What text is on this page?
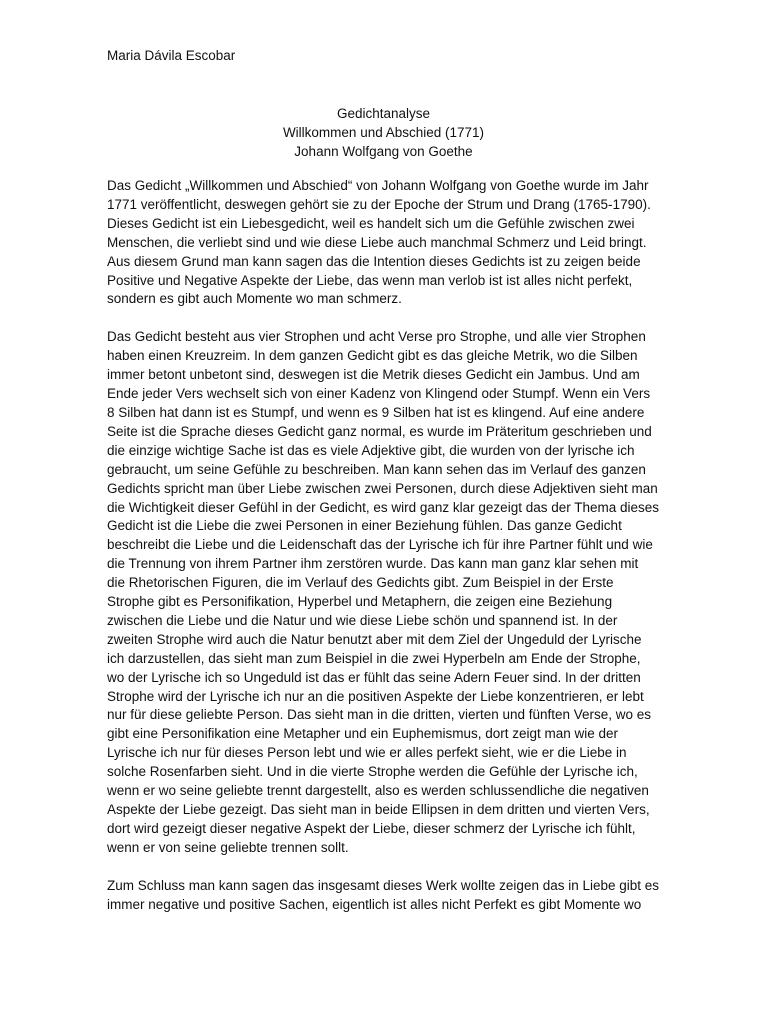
Maria Dávila Escobar

Gedichtanalyse
Willkommen und Abschied (1771)
Johann Wolfgang von Goethe

Das Gedicht „Willkommen und Abschied“ von Johann Wolfgang von Goethe wurde im Jahr 1771 veröffentlicht, deswegen gehört sie zu der Epoche der Strum und Drang (1765-1790). Dieses Gedicht ist ein Liebesgedicht, weil es handelt sich um die Gefühle zwischen zwei Menschen, die verliebt sind und wie diese Liebe auch manchmal Schmerz und Leid bringt. Aus diesem Grund man kann sagen das die Intention dieses Gedichts ist zu zeigen beide Positive und Negative Aspekte der Liebe, das wenn man verlob ist ist alles nicht perfekt, sondern es gibt auch Momente wo man schmerz.

Das Gedicht besteht aus vier Strophen und acht Verse pro Strophe, und alle vier Strophen haben einen Kreuzreim. In dem ganzen Gedicht gibt es das gleiche Metrik, wo die Silben immer betont unbetont sind, deswegen ist die Metrik dieses Gedicht ein Jambus. Und am Ende jeder Vers wechselt sich von einer Kadenz von Klingend oder Stumpf. Wenn ein Vers 8 Silben hat dann ist es Stumpf, und wenn es 9 Silben hat ist es klingend. Auf eine andere Seite ist die Sprache dieses Gedicht ganz normal, es wurde im Präteritum geschrieben und die einzige wichtige Sache ist das es viele Adjektive gibt, die wurden von der lyrische ich gebraucht, um seine Gefühle zu beschreiben. Man kann sehen das im Verlauf des ganzen Gedichts spricht man über Liebe zwischen zwei Personen, durch diese Adjektiven sieht man die Wichtigkeit dieser Gefühl in der Gedicht, es wird ganz klar gezeigt das der Thema dieses Gedicht ist die Liebe die zwei Personen in einer Beziehung fühlen. Das ganze Gedicht beschreibt die Liebe und die Leidenschaft das der Lyrische ich für ihre Partner fühlt und wie die Trennung von ihrem Partner ihm zerstören wurde. Das kann man ganz klar sehen mit die Rhetorischen Figuren, die im Verlauf des Gedichts gibt. Zum Beispiel in der Erste Strophe gibt es Personifikation, Hyperbel und Metaphern, die zeigen eine Beziehung zwischen die Liebe und die Natur und wie diese Liebe schön und spannend ist. In der zweiten Strophe wird auch die Natur benutzt aber mit dem Ziel der Ungeduld der Lyrische ich darzustellen, das sieht man zum Beispiel in die zwei Hyperbeln am Ende der Strophe, wo der Lyrische ich so Ungeduld ist das er fühlt das seine Adern Feuer sind. In der dritten Strophe wird der Lyrische ich nur an die positiven Aspekte der Liebe konzentrieren, er lebt nur für diese geliebte Person. Das sieht man in die dritten, vierten und fünften Verse, wo es gibt eine Personifikation eine Metapher und ein Euphemismus, dort zeigt man wie der Lyrische ich nur für dieses Person lebt und wie er alles perfekt sieht, wie er die Liebe in solche Rosenfarben sieht. Und in die vierte Strophe werden die Gefühle der Lyrische ich, wenn er wo seine geliebte trennt dargestellt, also es werden schlussendliche die negativen Aspekte der Liebe gezeigt. Das sieht man in beide Ellipsen in dem dritten und vierten Vers, dort wird gezeigt dieser negative Aspekt der Liebe, dieser schmerz der Lyrische ich fühlt, wenn er von seine geliebte trennen sollt.

Zum Schluss man kann sagen das insgesamt dieses Werk wollte zeigen das in Liebe gibt es immer negative und positive Sachen, eigentlich ist alles nicht Perfekt es gibt Momente wo
